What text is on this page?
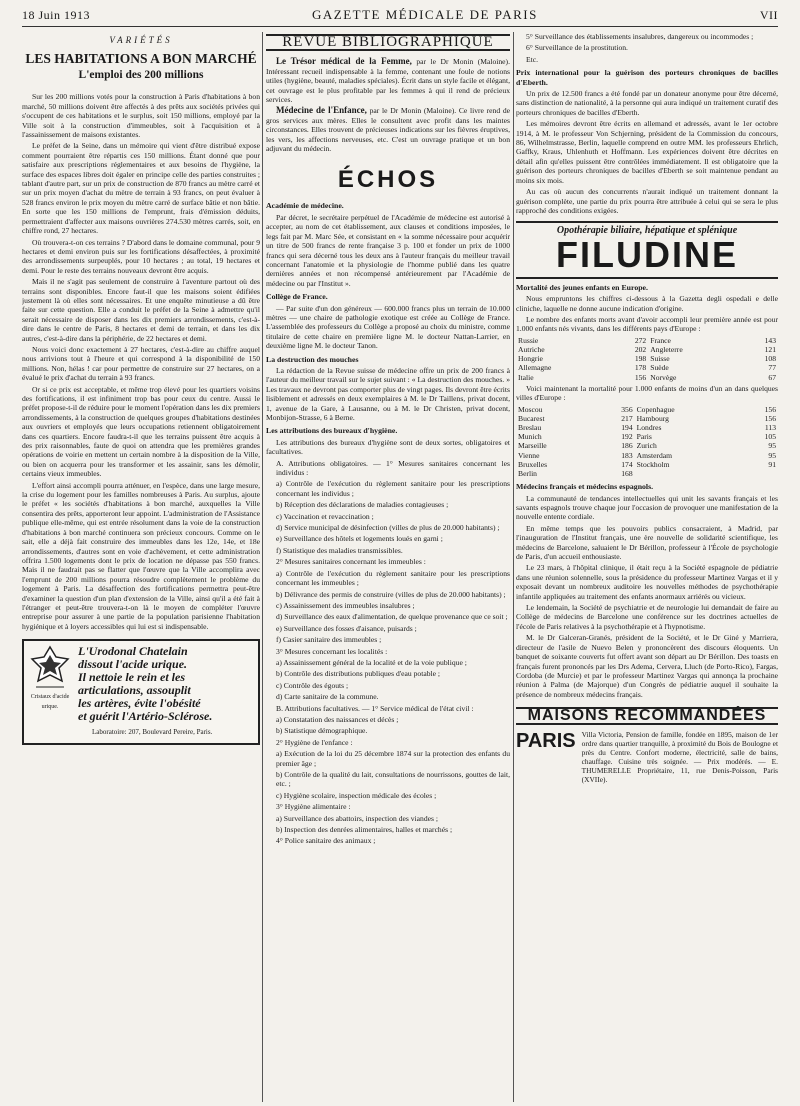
18 Juin 1913	GAZETTE MÉDICALE DE PARIS	VII
VARIÉTÉS
LES HABITATIONS A BON MARCHÉ
L'emploi des 200 millions

Sur les 200 millions votés pour la construction à Paris d'habitations à bon marché, 50 millions doivent être affectés à des prêts aux sociétés privées qui s'occupent de ces habitations et le surplus, soit 150 millions, employé par la Ville soit à la construction d'immeubles, soit à l'acquisition et à l'assainissement de maisons existantes.

Le préfet de la Seine, dans un mémoire qui vient d'être distribué expose comment pourraient être répartis ces 150 millions. Étant donné que pour satisfaire aux prescriptions réglementaires et aux besoins de l'hygiène, la surface des espaces libres doit égaler en principe celle des parties construites ; tablant d'autre part, sur un prix de construction de 870 francs au mètre carré et sur un prix moyen d'achat du mètre de terrain à 93 francs, on peut évaluer à 528 francs environ le prix moyen du mètre carré de surface bâtie et non bâtie. En sorte que les 150 millions de l'emprunt, frais d'émission déduits, permettraient d'affecter aux maisons ouvrières 274.530 mètres carrés, soit, en chiffre rond, 27 hectares.

Où trouvera-t-on ces terrains ? D'abord dans le domaine communal, pour 9 hectares et demi environ puis sur les fortifications désaffectées, à proximité des arrondissements surpeuplés, pour 10 hectares ; au total, 19 hectares et demi. Pour le reste des terrains nouveaux devront être acquis.

Mais il ne s'agit pas seulement de construire à l'aventure partout où des terrains sont disponibles. Encore faut-il que les maisons soient édifiées justement là où elles sont nécessaires. Et une enquête minutieuse a dû être faite sur cette question. Elle a conduit le préfet de la Seine à admettre qu'il serait nécessaire de disposer dans les dix premiers arrondissements, c'est-à-dire dans le centre de Paris, 8 hectares et demi de terrain, et dans les dix autres, c'est-à-dire dans la périphérie, de 22 hectares et demi.

Nous voici donc exactement à 27 hectares, c'est-à-dire au chiffre auquel nous arrivions tout à l'heure et qui correspond à la disponibilité de 150 millions. Non, hélas ! car pour permettre de construire sur 27 hectares, on a évalué le prix d'achat du terrain à 93 francs.

Or si ce prix est acceptable, et même trop élevé pour les quartiers voisins des fortifications, il est infiniment trop bas pour ceux du centre. Aussi le préfet propose-t-il de réduire pour le moment l'opération dans les dix premiers arrondissements, à la construction de quelques groupes d'habitations destinées aux ouvriers et employés que leurs occupations retiennent obligatoirement dans ces quartiers. Encore faudra-t-il que les terrains puissent être acquis à des prix raisonnables, faute de quoi on attendra que les premières grandes opérations de voirie en mettent un certain nombre à la disposition de la Ville, ou bien on acquerra pour les transformer et les assainir, sans les démolir, certains vieux immeubles.

L'effort ainsi accompli pourra atténuer, en l'espèce, dans une large mesure, la crise du logement pour les familles nombreuses à Paris. Au surplus, ajoute le préfet « les sociétés d'habitations à bon marché, auxquelles la Ville consentira des prêts, apporteront leur appoint. L'administration de l'Assistance publique elle-même, qui est entrée résolument dans la voie de la construction d'habitations à bon marché continuera son précieux concours. Comme on le sait, elle a déjà fait construire des immeubles dans les 12e, 14e, et 18e arrondissements, d'autres sont en voie d'achèvement, et cette administration offrira 1.500 logements dont le prix de location ne dépasse pas 550 francs. Mais il ne faudrait pas se flatter que l'œuvre que la Ville accomplira avec l'emprunt de 200 millions pourra résoudre complètement le problème du logement à Paris. La désaffection des fortifications permettra peut-être d'examiner la question d'un plan d'extension de la Ville, ainsi qu'il a été fait à l'étranger et peut-être trouvera-t-on là le moyen de compléter l'œuvre entreprise pour assurer à une partie de la population parisienne l'habitation hygiénique et à loyers accessibles qui lui est si indispensable.

Cristaux d'acide urique.
L'Urodonal Chatelain
dissout l'acide urique.
Il nettoie le rein et les
articulations, assouplit
les artères, évite l'obésité
et guérit l'Artério-Sclérose.
Laboratoire: 207, Boulevard Pereire, Paris.
REVUE BIBLIOGRAPHIQUE

Le Trésor médical de la Femme, par le Dr Monin (Maloine). Intéressant recueil indispensable à la femme, contenant une foule de notions utiles (hygiène, beauté, maladies spéciales). Écrit dans un style facile et élégant, cet ouvrage est le plus profitable par les femmes à qui il rend de précieux services.

Médecine de l'Enfance, par le Dr Monin (Maloine). Ce livre rend de gros services aux mères. Elles le consultent avec profit dans les maintes circonstances. Elles trouvent de précieuses indications sur les fièvres éruptives, les vers, les affections nerveuses, etc. C'est un ouvrage pratique et un bon adjuvant du médecin.

ÉCHOS
Académie de médecine.

Par décret, le secrétaire perpétuel de l'Académie de médecine est autorisé à accepter, au nom de cet établissement, aux clauses et conditions imposées, le legs fait par M. Marc Sée, et consistant en « la somme nécessaire pour acquérir un titre de 500 francs de rente française 3 p. 100 et fonder un prix de 1000 francs qui sera décerné tous les deux ans à l'auteur français du meilleur travail concernant l'anatomie et la physiologie de l'homme publié dans les quatre dernières années et non récompensé antérieurement par l'Académie de médecine ou par l'Institut ».

Collège de France.

— Par suite d'un don généreux — 600.000 francs plus un terrain de 10.000 mètres — une chaire de pathologie exotique est créée au Collège de France. L'assemblée des professeurs du Collège a proposé au choix du ministre, comme titulaire de cette chaire en première ligne M. le docteur Nattan-Larrier, en deuxième ligne M. le docteur Tanon.

La destruction des mouches

La rédaction de la Revue suisse de médecine offre un prix de 200 francs à l'auteur du meilleur travail sur le sujet suivant : « La destruction des mouches. » Les travaux ne devront pas comporter plus de vingt pages. Ils devront être écrits lisiblement et adressés en deux exemplaires à M. le Dr Taillens, privat docent, 1, avenue de la Gare, à Lausanne, ou à M. le Dr Christen, privat docent, Monbijon-Strasse, 6 à Berne.

Les attributions des bureaux d'hygiène.

Les attributions des bureaux d'hygiène sont de deux sortes, obligatoires et facultatives.

A. Attributions obligatoires. — 1° Mesures sanitaires concernant les individus :

a) Contrôle de l'exécution du règlement sanitaire pour les prescriptions concernant les individus ;

b) Réception des déclarations de maladies contagieuses ;

c) Vaccination et revaccination ;

d) Service municipal de désinfection (villes de plus de 20.000 habitants) ;

e) Surveillance des hôtels et logements loués en garni ;

f) Statistique des maladies transmissibles.

2° Mesures sanitaires concernant les immeubles :

a) Contrôle de l'exécution du règlement sanitaire pour les prescriptions concernant les immeubles ;

b) Délivrance des permis de construire (villes de plus de 20.000 habitants) ;

c) Assainissement des immeubles insalubres ;

d) Surveillance des eaux d'alimentation, de quelque provenance que ce soit ;

e) Surveillance des fosses d'aisance, puisards ;

f) Casier sanitaire des immeubles ;

3° Mesures concernant les localités :

a) Assainissement général de la localité et de la voie publique ;

b) Contrôle des distributions publiques d'eau potable ;

c) Contrôle des égouts ;

d) Carte sanitaire de la commune.

B. Attributions facultatives. — 1° Service médical de l'état civil :

a) Constatation des naissances et décès ;

b) Statistique démographique.

2° Hygiène de l'enfance :

a) Exécution de la loi du 25 décembre 1874 sur la protection des enfants du premier âge ;

b) Contrôle de la qualité du lait, consultations de nourrissons, gouttes de lait, etc. ;

c) Hygiène scolaire, inspection médicale des écoles ;

3° Hygiène alimentaire :

a) Surveillance des abattoirs, inspection des viandes ;

b) Inspection des denrées alimentaires, halles et marchés ;

4° Police sanitaire des animaux ;

5° Surveillance des établissements insalubres, dangereux ou incommodes ;

6° Surveillance de la prostitution.

Etc.

Prix international pour la guérison des porteurs chroniques de bacilles d'Eberth.

Un prix de 12.500 francs a été fondé par un donateur anonyme pour être décerné, sans distinction de nationalité, à la personne qui aura indiqué un traitement curatif des porteurs chroniques de bacilles d'Eberth.

Les mémoires devront être écrits en allemand et adressés, avant le 1er octobre 1914, à M. le professeur Von Schjerning, président de la Commission du concours, 86, Wilhelmstrasse, Berlin, laquelle comprend en outre MM. les professeurs Ehrlich, Gaffky, Kraus, Uhlenhuth et Hoffmann. Les expériences doivent être décrites en détail afin qu'elles puissent être contrôlées immédiatement. Il est obligatoire que la guérison des porteurs chroniques de bacilles d'Eberth se soit maintenue pendant au moins six mois.

Au cas où aucun des concurrents n'aurait indiqué un traitement donnant la guérison complète, une partie du prix pourra être attribuée à celui qui se sera le plus rapproché des conditions exigées.

Opothérapie biliaire, hépatique et splénique
FILUDINE
Mortalité des jeunes enfants en Europe.

Nous empruntons les chiffres ci-dessous à la Gazetta degli ospedali e delle cliniche, laquelle ne donne aucune indication d'origine.

Le nombre des enfants morts avant d'avoir accompli leur première année est pour 1.000 enfants nés vivants, dans les différents pays d'Europe :

Russie	272	France	143
Autriche	202	Angleterre	121
Hongrie	198	Suisse	108
Allemagne	178	Suède	77
Italie	156	Norvège	67

Voici maintenant la mortalité pour 1.000 enfants de moins d'un an dans quelques villes d'Europe :

Moscou	356	Copenhague	156
Bucarest	217	Hambourg	156
Breslau	194	Londres	113
Munich	192	Paris	105
Marseille	186	Zurich	95
Vienne	183	Amsterdam	95
Bruxelles	174	Stockholm	91
Berlin	168		
Médecins français et médecins espagnols.

La communauté de tendances intellectuelles qui unit les savants français et les savants espagnols trouve chaque jour l'occasion de provoquer une manifestation de la nouvelle entente cordiale.

En même temps que les pouvoirs publics consacraient, à Madrid, par l'inauguration de l'Institut français, une ère nouvelle de solidarité scientifique, les médecins de Barcelone, saluaient le Dr Bérillon, professeur à l'École de psychologie de Paris, d'un accueil enthousiaste.

Le 23 mars, à l'hôpital clinique, il était reçu à la Société espagnole de pédiatrie dans une réunion solennelle, sous la présidence du professeur Martinez Vargas et il y exposait devant un nombreux auditoire les nouvelles méthodes de psychothérapie infantile appliquées au traitement des enfants anormaux arriérés ou vicieux.

Le lendemain, la Société de psychiatrie et de neurologie lui demandait de faire au Collège de médecins de Barcelone une conférence sur les doctrines actuelles de l'école de Paris relatives à la psychothérapie et à l'hypnotisme.

M. le Dr Galceran-Granés, président de la Société, et le Dr Giné y Marriera, directeur de l'asile de Nuevo Belen y prononcèrent des discours éloquents. Un banquet de soixante couverts fut offert avant son départ au Dr Bérillon. Des toasts en français furent prononcés par les Drs Adema, Cervera, Lluch (de Porto-Rico), Fargas, Cordoba (de Murcie) et par le professeur Martinez Vargas qui annonça la prochaine réunion à Palma (de Majorque) d'un Congrès de pédiatrie auquel il souhaite la présence de nombreux médecins français.

MAISONS RECOMMANDÉES
PARIS Villa Victoria, Pension de famille, fondée en 1895, maison de 1er ordre dans quartier tranquille, à proximité du Bois de Boulogne et près du Centre. Confort moderne, électricité, salle de bains, chauffage. Cuisine très soignée. — Prix modérés. — E. THUMERELLE Propriétaire, 11, rue Denis-Poisson, Paris (XVIIe).
